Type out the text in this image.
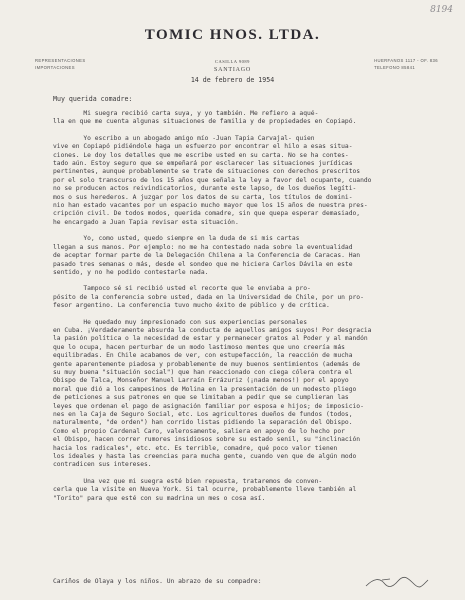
8194
TOMIC HNOS. LTDA.
REPRESENTACIONES
IMPORTACIONES
CASILLA 9089
SANTIAGO
HUERFANOS 1117 - OF. 836
TELEFONO 85841
14 de febrero de 1954
Muy querida comadre:

Mi suegra recibió carta suya, y yo también. Me refiero a aqué-
lla en que me cuenta algunas situaciones de familia y de propiedades en Copiapó.

Yo escribo a un abogado amigo mío -Juan Tapia Carvajal- quien
vive en Copiapó pidiéndole haga un esfuerzo por encontrar el hilo a esas situa-
ciones. Le doy los detalles que me escribe usted en su carta. No se ha contes-
tado aún. Estoy seguro que se empeñará por esclarecer las situaciones jurídicas
pertinentes, aunque probablemente se trate de situaciones con derechos prescritos
por el solo transcurso de los 15 años que señala la ley a favor del ocupante, cuando
no se producen actos reivindicatorios, durante este lapso, de los dueños legíti-
mos o sus herederos. A juzgar por los datos de su carta, los títulos de domini-
nio han estado vacantes por un espacio mucho mayor que los 15 años de nuestra pres-
cripción civil. De todos modos, querida comadre, sin que quepa esperar demasiado,
he encargado a Juan Tapia revisar esta situación.

Yo, como usted, quedo siempre en la duda de si mis cartas
llegan a sus manos. Por ejemplo: no me ha contestado nada sobre la eventualidad
de aceptar formar parte de la Delegación Chilena a la Conferencia de Caracas. Han
pasado tres semanas o más, desde el sondeo que me hiciera Carlos Dávila en este
sentido, y no he podido contestarle nada.

Tampoco sé si recibió usted el recorte que le enviaba a pro-
pósito de la conferencia sobre usted, dada en la Universidad de Chile, por un pro-
fesor argentino. La conferencia tuvo mucho éxito de público y de crítica.

He quedado muy impresionado con sus experiencias personales
en Cuba. ¡Verdaderamente absurda la conducta de aquellos amigos suyos! Por desgracia
la pasión política o la necesidad de estar y permanecer gratos al Poder y al mandón
que lo ocupa, hacen perturbar de un modo lastimoso mentes que uno creería más
equilibradas. En Chile acabamos de ver, con estupefacción, la reacción de mucha
gente aparentemente piadosa y probablemente de muy buenos sentimientos (además de
su muy buena "situación social") que han reaccionado con ciega cólera contra el
Obispo de Talca, Monseñor Manuel Larraín Errázuriz (¡nada menos!) por el apoyo
moral que dió a los campesinos de Molina en la presentación de un modesto pliego
de peticiones a sus patrones en que se limitaban a pedir que se cumplieran las
leyes que ordenan el pago de asignación familiar por esposa e hijos; de imposicio-
nes en la Caja de Seguro Social, etc. Los agricultores dueños de fundos (todos,
naturalmente, "de orden") han corrido listas pidiendo la separación del Obispo.
Como el propio Cardenal Caro, valerosamente, saliera en apoyo de lo hecho por
el Obispo, hacen correr rumores insidiosos sobre su estado senil, su "inclinación
hacia los radicales", etc. etc. Es terrible, comadre, qué poco valor tienen
los ideales y hasta las creencias para mucha gente, cuando ven que de algún modo
contradicen sus intereses.

Una vez que mi suegra esté bien repuesta, trataremos de conven-
cerla que la visite en Nueva York. Si tal ocurre, probablemente lleve también al
"Torito" para que esté con su madrina un mes o cosa así.

Cariños de Olaya y los niños. Un abrazo de su compadre:
